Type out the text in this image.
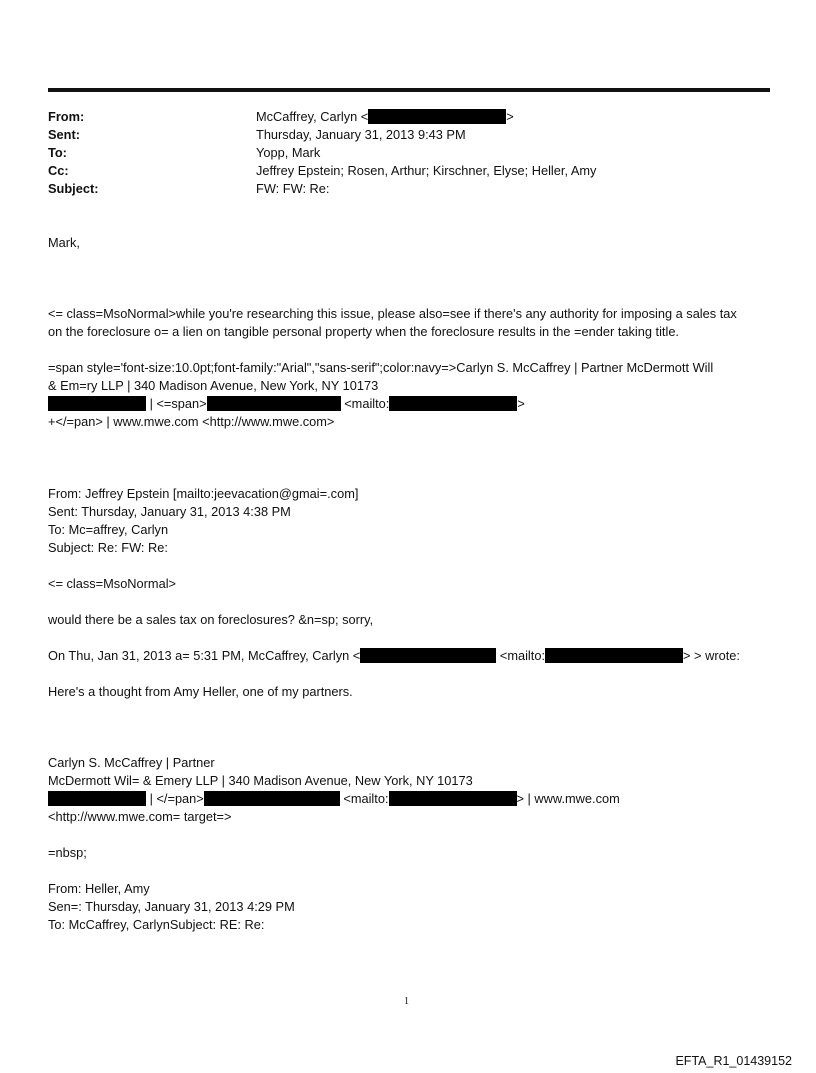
From:	McCaffrey, Carlyn <	>
Sent:	Thursday, January 31, 2013 9:43 PM
To:	Yopp, Mark
Cc:	Jeffrey Epstein; Rosen, Arthur; Kirschner, Elyse; Heller, Amy
Subject:	FW: FW: Re:
Mark,
<= class=MsoNormal>while you're researching this issue, please also=see if there's any authority for imposing a sales tax
on the foreclosure o= a lien on tangible personal property when the foreclosure results in the =ender taking title.
=span style='font-size:10.0pt;font-family:"Arial","sans-serif";color:navy=>Carlyn S. McCaffrey | Partner McDermott Will
& Em=ry LLP | 340 Madison Avenue, New York, NY 10173
| <=span>	<mailto:	>
+</=pan> | www.mwe.com <http://www.mwe.com>
From: Jeffrey Epstein [mailto:jeevacation@gmai=.com]
Sent: Thursday, January 31, 2013 4:38 PM
To: Mc=affrey, Carlyn
Subject: Re: FW: Re:
<= class=MsoNormal>
would there be a sales tax on foreclosures? &n=sp; sorry,
On Thu, Jan 31, 2013 a= 5:31 PM, McCaffrey, Carlyn <	<mailto:	> > wrote:
Here's a thought from Amy Heller, one of my partners.
Carlyn S. McCaffrey | Partner
McDermott Wil= & Emery LLP | 340 Madison Avenue, New York, NY 10173
| </=pan>	<mailto:	> | www.mwe.com
<http://www.mwe.com= target=>
=nbsp;
From: Heller, Amy
Sen=: Thursday, January 31, 2013 4:29 PM
To: McCaffrey, CarlynSubject: RE: Re:
1
EFTA_R1_01439152
